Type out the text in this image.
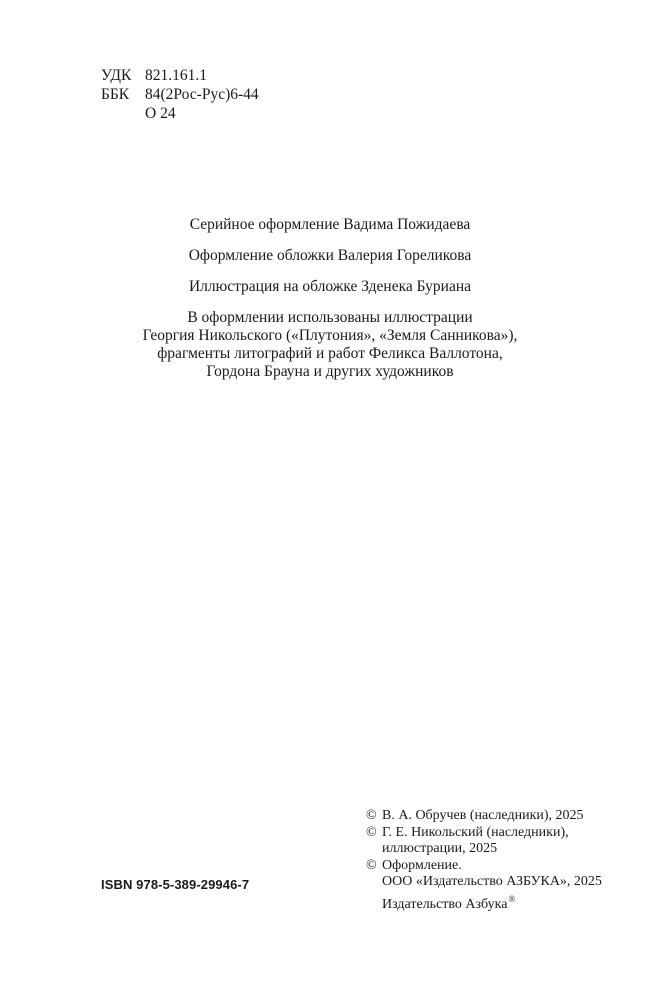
УДК 821.161.1
ББК	84(2Рос-Рус)6-44
О 24

Серийное оформление Вадима Пожидаева

Оформление обложки Валерия Гореликова

Иллюстрация на обложке Зденека Буриана

В оформлении использованы иллюстрации
Георгия Никольского («Плутония», «Земля Санникова»),
фрагменты литографий и работ Феликса Валлотона,
Гордона Брауна и других художников
© В. А. Обручев (наследники), 2025
© Г. Е. Никольский (наследники),
иллюстрации, 2025
© Оформление.
ООО «Издательство АЗБУКА», 2025
Издательство Азбука®
ISBN 978-5-389-29946-7
